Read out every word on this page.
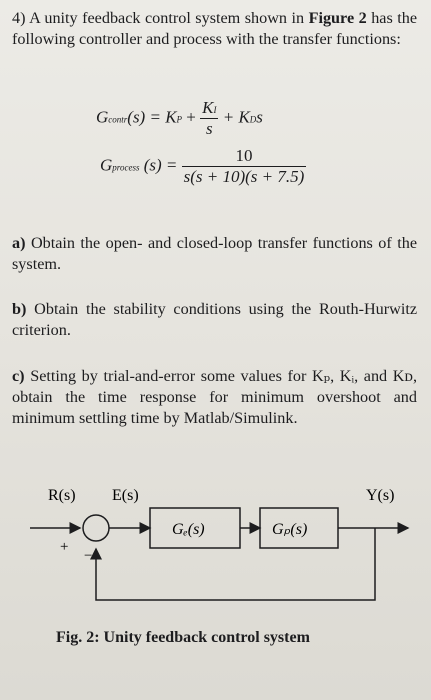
4) A unity feedback control system shown in Figure 2 has the following controller and process with the transfer functions:
Gcontr(s) = KP + $\frac{KI}{s}$ + KDs
Gprocess $(s) = \frac{10}{s(s + 10)(s + 7.5)}$
a) Obtain the open- and closed-loop transfer functions of the system.
b) Obtain the stability conditions using the Routh-Hurwitz criterion.
c) Setting by trial-and-error some values for Kₚ, Kᵢ, and Kᴅ, obtain the time response for minimum overshoot and minimum settling time by Matlab/Simulink.
R(s) E(s)	Y(s)
+
−
Gₑ(s)	Gₚ(s)
Fig. 2: Unity feedback control system
